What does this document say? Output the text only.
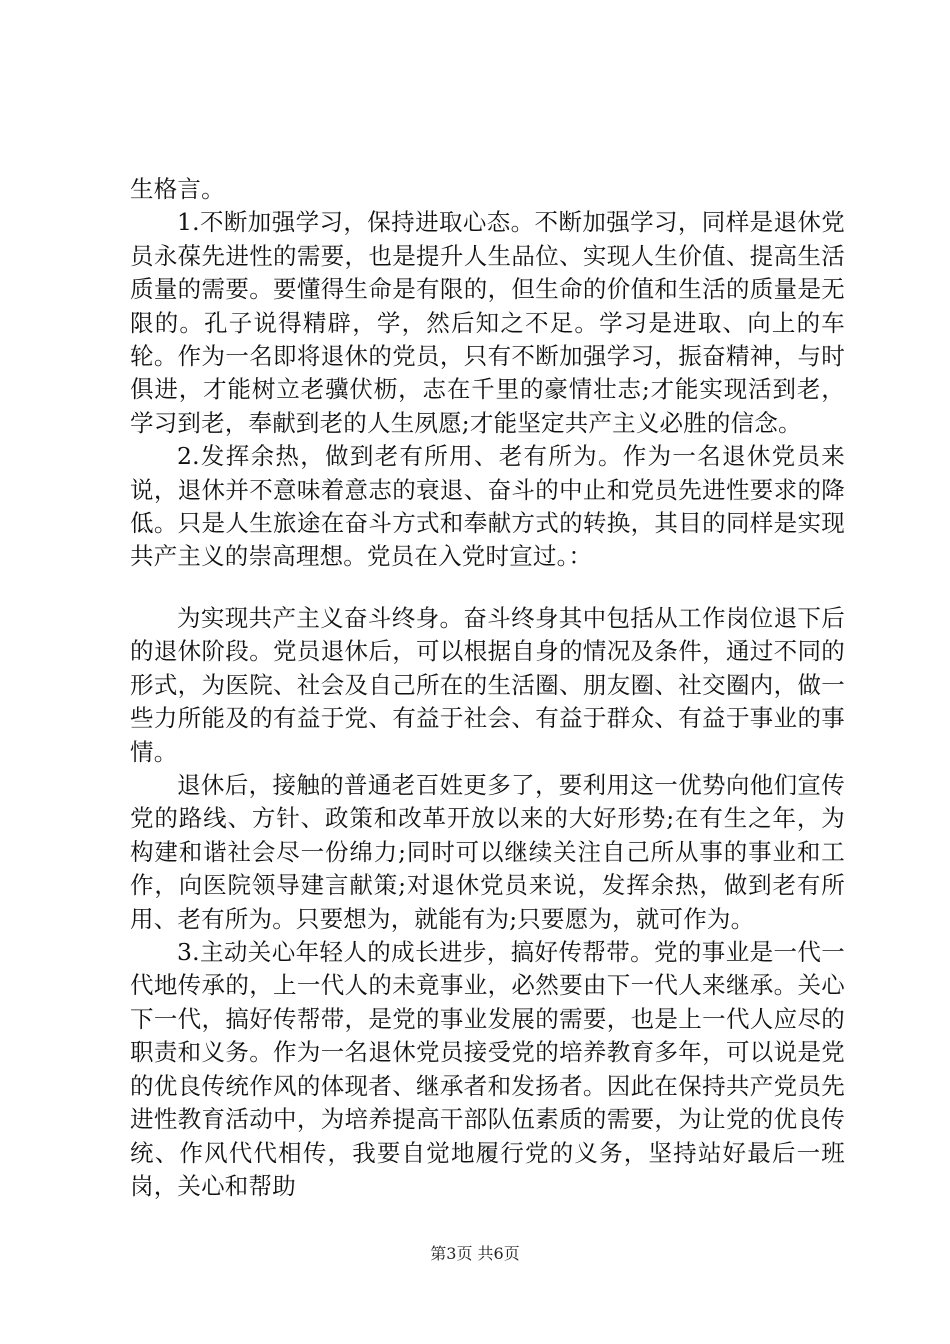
生格言。

1.不断加强学习，保持进取心态。不断加强学习，同样是退休党员永葆先进性的需要，也是提升人生品位、实现人生价值、提高生活质量的需要。要懂得生命是有限的，但生命的价值和生活的质量是无限的。孔子说得精辟，学，然后知之不足。学习是进取、向上的车轮。作为一名即将退休的党员，只有不断加强学习，振奋精神，与时俱进，才能树立老骥伏枥，志在千里的豪情壮志;才能实现活到老，学习到老，奉献到老的人生夙愿;才能坚定共产主义必胜的信念。

2.发挥余热，做到老有所用、老有所为。作为一名退休党员来说，退休并不意味着意志的衰退、奋斗的中止和党员先进性要求的降低。只是人生旅途在奋斗方式和奉献方式的转换，其目的同样是实现共产主义的崇高理想。党员在入党时宣过。：

为实现共产主义奋斗终身。奋斗终身其中包括从工作岗位退下后的退休阶段。党员退休后，可以根据自身的情况及条件，通过不同的形式，为医院、社会及自己所在的生活圈、朋友圈、社交圈内，做一些力所能及的有益于党、有益于社会、有益于群众、有益于事业的事情。

退休后，接触的普通老百姓更多了，要利用这一优势向他们宣传党的路线、方针、政策和改革开放以来的大好形势;在有生之年，为构建和谐社会尽一份绵力;同时可以继续关注自己所从事的事业和工作，向医院领导建言献策;对退休党员来说，发挥余热，做到老有所用、老有所为。只要想为，就能有为;只要愿为，就可作为。

3.主动关心年轻人的成长进步，搞好传帮带。党的事业是一代一代地传承的，上一代人的未竟事业，必然要由下一代人来继承。关心下一代，搞好传帮带，是党的事业发展的需要，也是上一代人应尽的职责和义务。作为一名退休党员接受党的培养教育多年，可以说是党的优良传统作风的体现者、继承者和发扬者。因此在保持共产党员先进性教育活动中，为培养提高干部队伍素质的需要，为让党的优良传统、作风代代相传，我要自觉地履行党的义务，坚持站好最后一班岗，关心和帮助

第3页 共6页
